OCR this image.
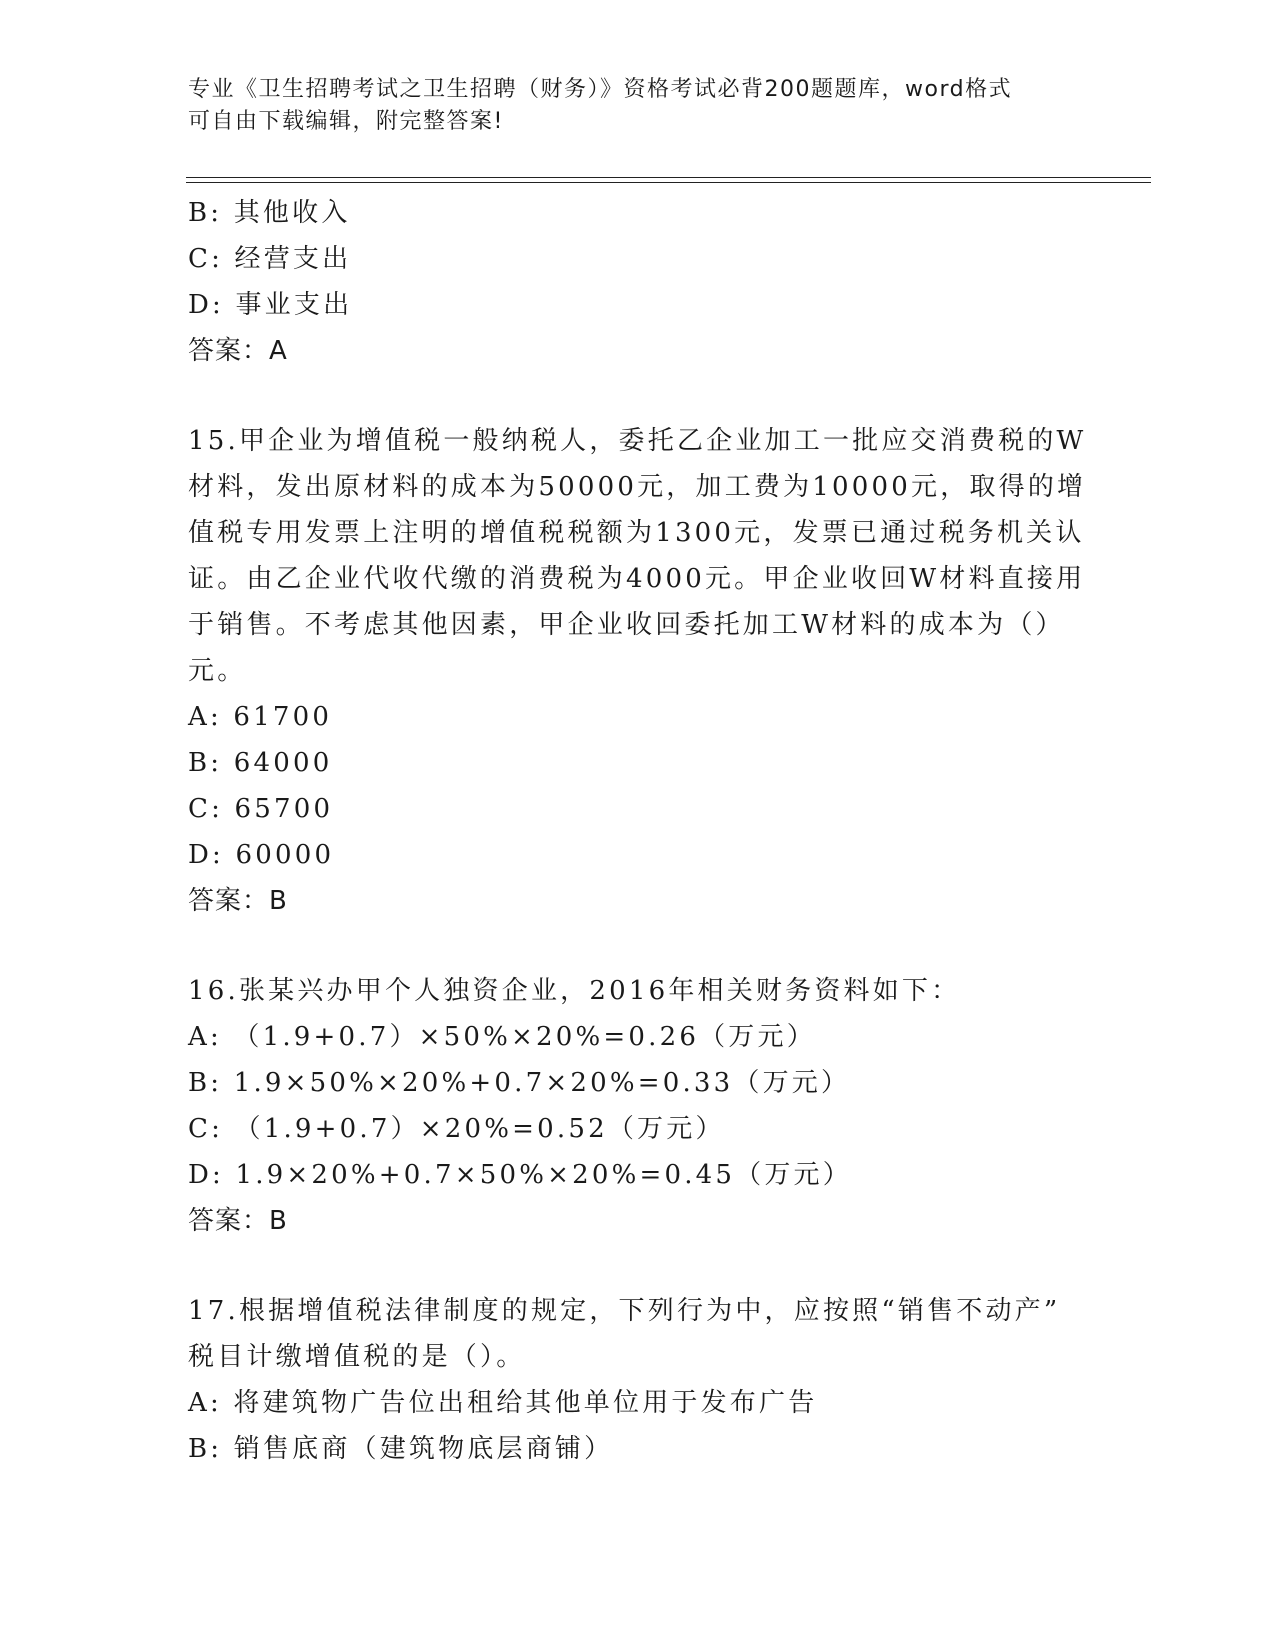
专业《卫生招聘考试之卫生招聘（财务）》资格考试必背200题题库，word格式
可自由下载编辑，附完整答案!
B: 其他收入
C: 经营支出
D: 事业支出
答案：A
15.甲企业为增值税一般纳税人，委托乙企业加工一批应交消费税的W
材料，发出原材料的成本为50000元，加工费为10000元，取得的增
值税专用发票上注明的增值税税额为1300元，发票已通过税务机关认
证。由乙企业代收代缴的消费税为4000元。甲企业收回W材料直接用
于销售。不考虑其他因素，甲企业收回委托加工W材料的成本为（）
元。
A: 61700
B: 64000
C: 65700
D: 60000
答案：B
16.张某兴办甲个人独资企业，2016年相关财务资料如下：
A: （1.9+0.7）×50%×20%=0.26（万元）
B: 1.9×50%×20%+0.7×20%=0.33（万元）
C: （1.9+0.7）×20%=0.52（万元）
D: 1.9×20%+0.7×50%×20%=0.45（万元）
答案：B
17.根据增值税法律制度的规定，下列行为中，应按照“销售不动产”
税目计缴增值税的是（）。
A: 将建筑物广告位出租给其他单位用于发布广告
B: 销售底商（建筑物底层商铺）
